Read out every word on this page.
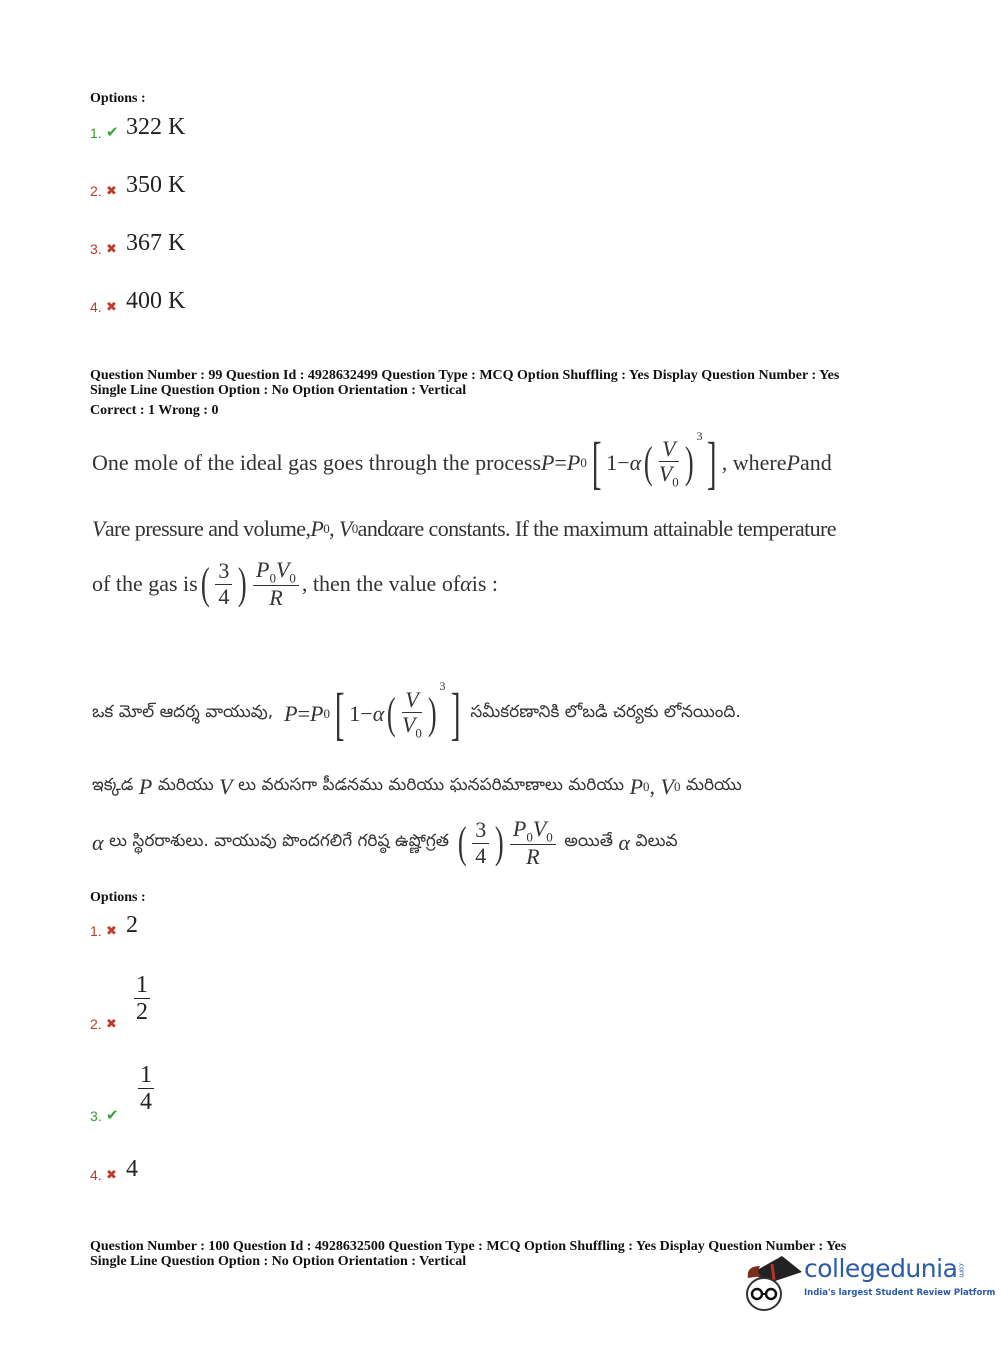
Options :
1. ✔ 322 K
2. ✖ 350 K
3. ✖ 367 K
4. ✖ 400 K
Question Number : 99 Question Id : 4928632499 Question Type : MCQ Option Shuffling : Yes Display Question Number : Yes
Single Line Question Option : No Option Orientation : Vertical
Correct : 1 Wrong : 0
One mole of the ideal gas goes through the process P = P 0 [ 1− α ( $\frac{V}{V_0}$ )
$^3$ ] , where P and
V are pressure and volume, P 0 , V 0 and α are constants. If the maximum attainable temperature
of the gas is ( $\frac{3}{4}$ ) $\frac{P_0V_0}{R}$ , then the value of α is :
ఒక మోల్ ఆదర్శ వాయువు,
P = P 0 [ 1− α ( $\frac{V}{V_0}$ )
$^3$ ]
సమీకరణానికి లోబడి చర్యకు లోనయింది.
ఇక్కడ
P
మరియు
V
లు వరుసగా పీడనము మరియు ఘనపరిమాణాలు మరియు
P 0 , V 0
మరియు
α
లు స్థిరరాశులు. వాయువు పొందగలిగే గరిష్ఠ ఉష్ణోగ్రత
( $\frac{3}{4}$ ) $\frac{P_0V_0}{R}$
అయితే
α
విలువ
Options :
1. ✖ 2
2. ✖
1
2
3. ✔
1
4
4. ✖ 4
Question Number : 100 Question Id : 4928632500 Question Type : MCQ Option Shuffling : Yes Display Question Number : Yes
Single Line Question Option : No Option Orientation : Vertical	collegedunia.com
India's largest Student Review Platform
